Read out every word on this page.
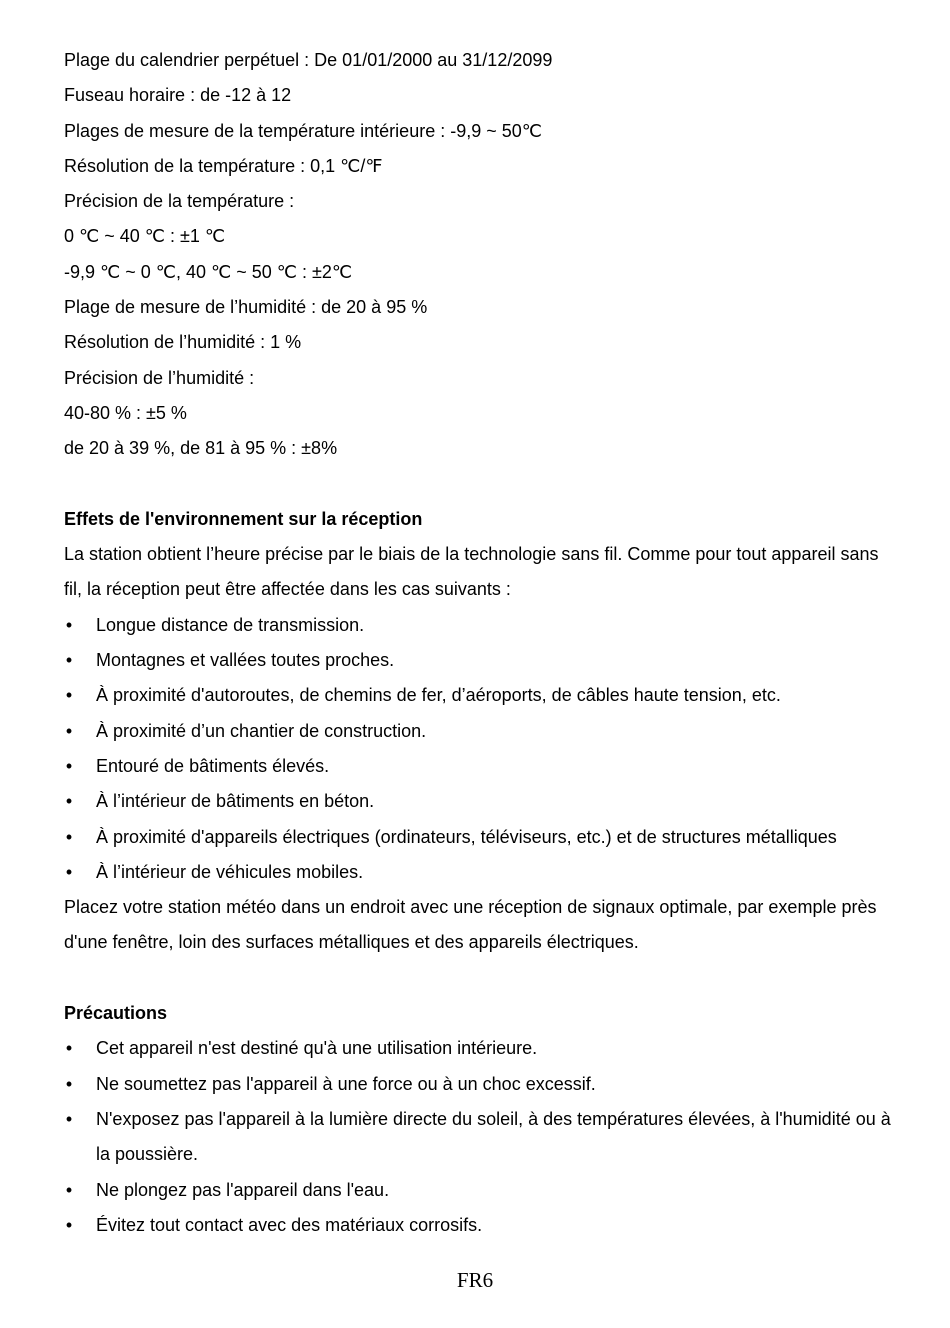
Plage du calendrier perpétuel : De 01/01/2000 au 31/12/2099
Fuseau horaire : de -12 à 12
Plages de mesure de la température intérieure : -9,9 ~ 50℃
Résolution de la température : 0,1 ℃/℉
Précision de la température :
0 ℃ ~ 40 ℃ : ±1 ℃
-9,9 ℃ ~ 0 ℃, 40 ℃ ~ 50 ℃ : ±2℃
Plage de mesure de l’humidité : de 20 à 95 %
Résolution de l’humidité : 1 %
Précision de l’humidité :
40-80 % : ±5 %
de 20 à 39 %, de 81 à 95 % : ±8%
Effets de l'environnement sur la réception
La station obtient l’heure précise par le biais de la technologie sans fil. Comme pour tout appareil sans fil, la réception peut être affectée dans les cas suivants :
• Longue distance de transmission.
• Montagnes et vallées toutes proches.
• À proximité d'autoroutes, de chemins de fer, d’aéroports, de câbles haute tension, etc.
• À proximité d’un chantier de construction.
• Entouré de bâtiments élevés.
• À l’intérieur de bâtiments en béton.
• À proximité d'appareils électriques (ordinateurs, téléviseurs, etc.) et de structures métalliques
• À l’intérieur de véhicules mobiles.
Placez votre station météo dans un endroit avec une réception de signaux optimale, par exemple près d'une fenêtre, loin des surfaces métalliques et des appareils électriques.
Précautions
• Cet appareil n'est destiné qu'à une utilisation intérieure.
• Ne soumettez pas l'appareil à une force ou à un choc excessif.
• N'exposez pas l'appareil à la lumière directe du soleil, à des températures élevées, à l'humidité ou à la poussière.
• Ne plongez pas l'appareil dans l'eau.
• Évitez tout contact avec des matériaux corrosifs.
FR6
